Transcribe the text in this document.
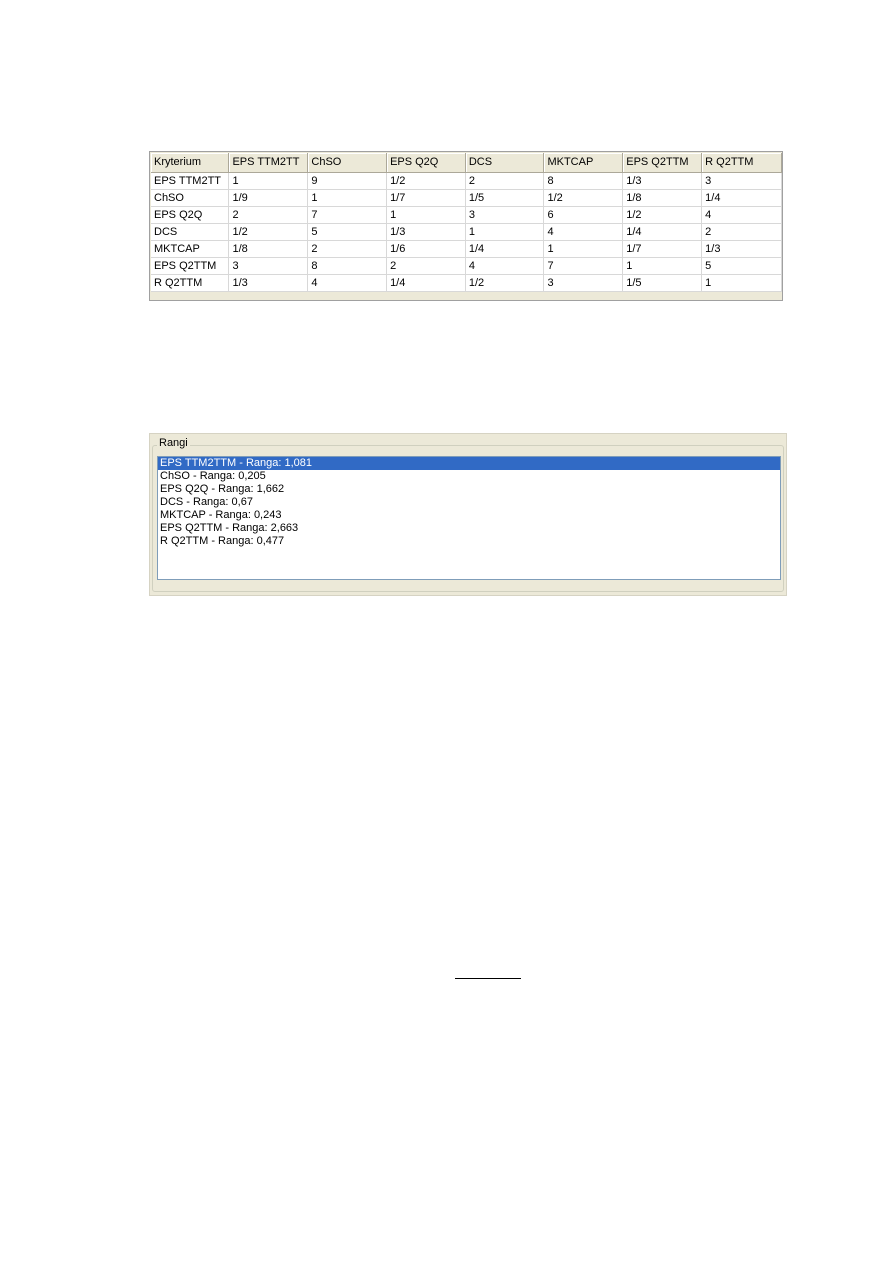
Kryterium	EPS TTM2TT	ChSO	EPS Q2Q	DCS	MKTCAP	EPS Q2TTM	R Q2TTM
EPS TTM2TT	1	9	1/2	2	8	1/3	3
ChSO	1/9	1	1/7	1/5	1/2	1/8	1/4
EPS Q2Q	2	7	1	3	6	1/2	4
DCS	1/2	5	1/3	1	4	1/4	2
MKTCAP	1/8	2	1/6	1/4	1	1/7	1/3
EPS Q2TTM	3	8	2	4	7	1	5
R Q2TTM	1/3	4	1/4	1/2	3	1/5	1
Rangi
EPS TTM2TTM - Ranga: 1,081
ChSO - Ranga: 0,205
EPS Q2Q - Ranga: 1,662
DCS - Ranga: 0,67
MKTCAP - Ranga: 0,243
EPS Q2TTM - Ranga: 2,663
R Q2TTM - Ranga: 0,477
